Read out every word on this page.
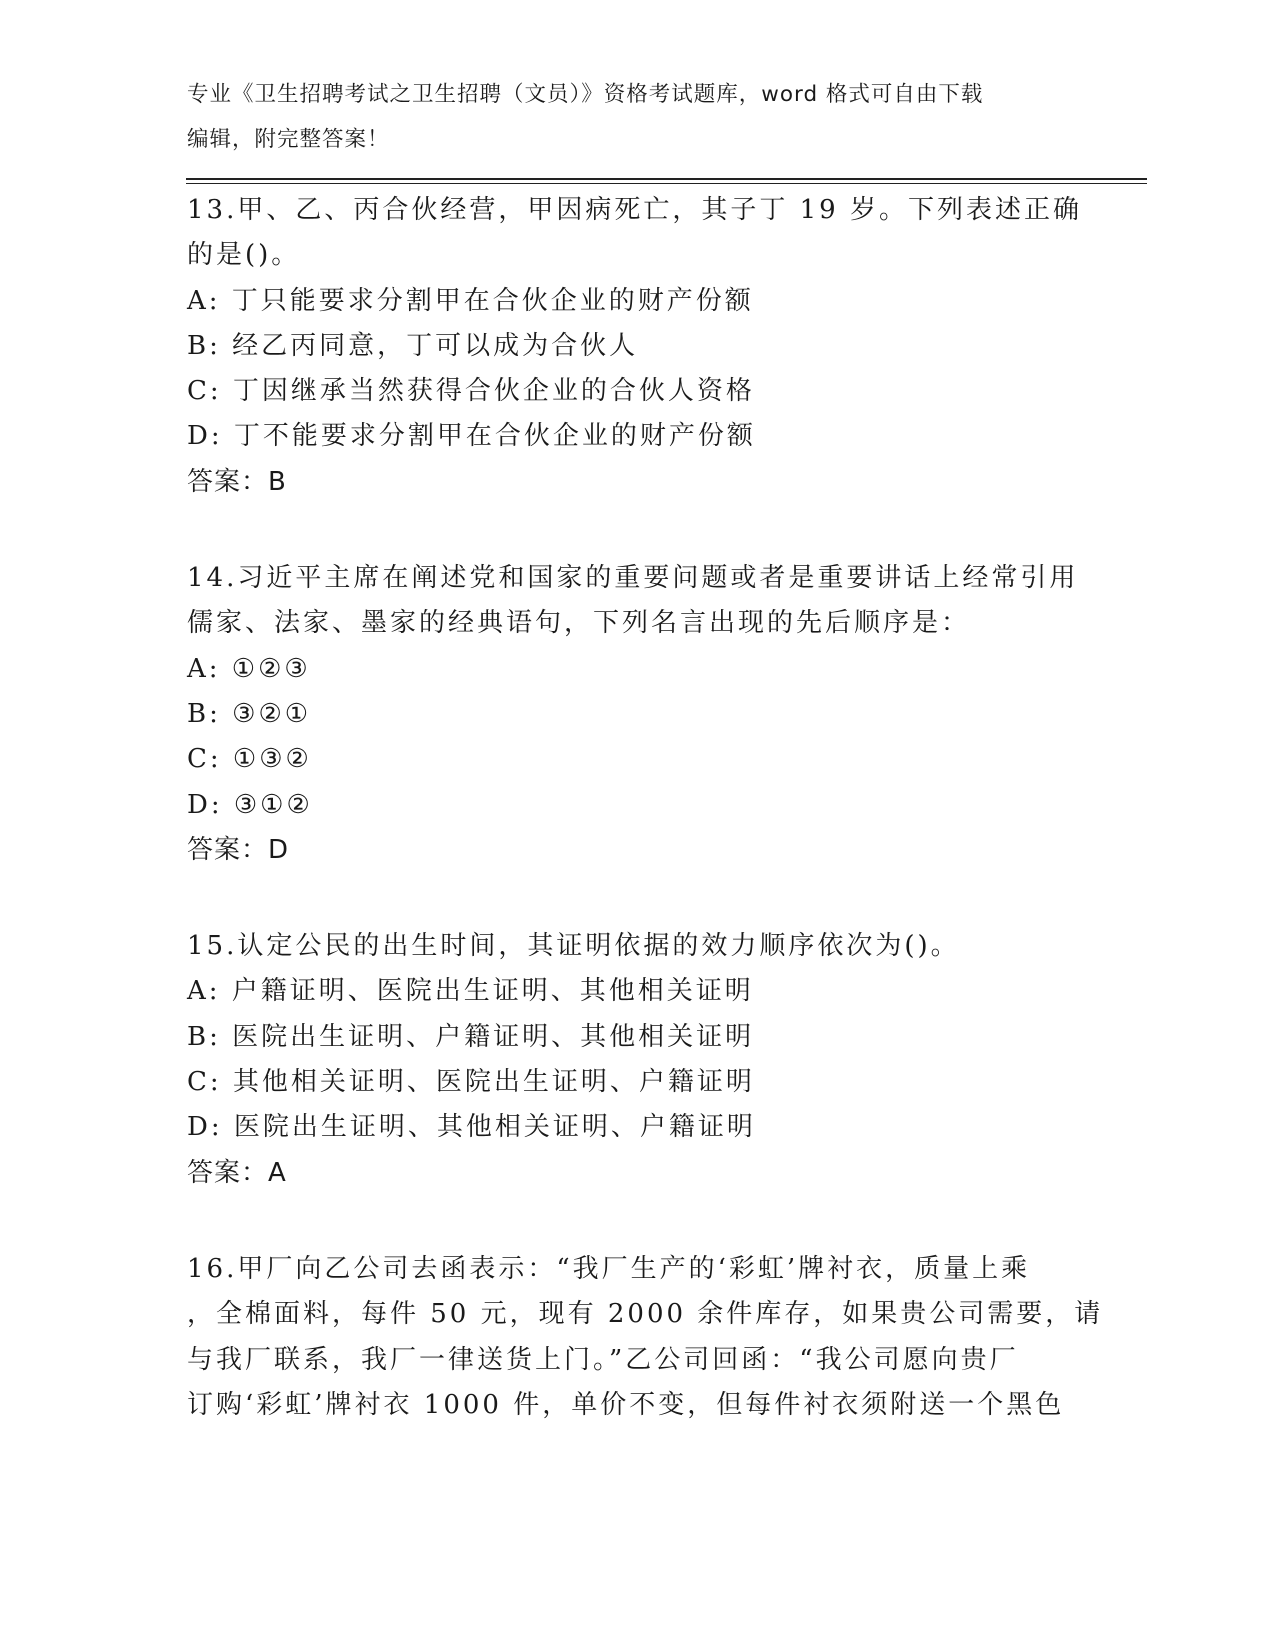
专业《卫生招聘考试之卫生招聘（文员）》资格考试题库，word 格式可自由下载
编辑，附完整答案！
13.甲、乙、丙合伙经营，甲因病死亡，其子丁 19 岁。下列表述正确
的是()。
A: 丁只能要求分割甲在合伙企业的财产份额
B: 经乙丙同意，丁可以成为合伙人
C: 丁因继承当然获得合伙企业的合伙人资格
D: 丁不能要求分割甲在合伙企业的财产份额
答案：B
14.习近平主席在阐述党和国家的重要问题或者是重要讲话上经常引用
儒家、法家、墨家的经典语句，下列名言出现的先后顺序是：
A: ①②③
B: ③②①
C: ①③②
D: ③①②
答案：D
15.认定公民的出生时间，其证明依据的效力顺序依次为()。
A: 户籍证明、医院出生证明、其他相关证明
B: 医院出生证明、户籍证明、其他相关证明
C: 其他相关证明、医院出生证明、户籍证明
D: 医院出生证明、其他相关证明、户籍证明
答案：A
16.甲厂向乙公司去函表示：“我厂生产的‘彩虹’牌衬衣，质量上乘
，全棉面料，每件 50 元，现有 2000 余件库存，如果贵公司需要，请
与我厂联系，我厂一律送货上门。”乙公司回函：“我公司愿向贵厂
订购‘彩虹’牌衬衣 1000 件，单价不变，但每件衬衣须附送一个黑色
